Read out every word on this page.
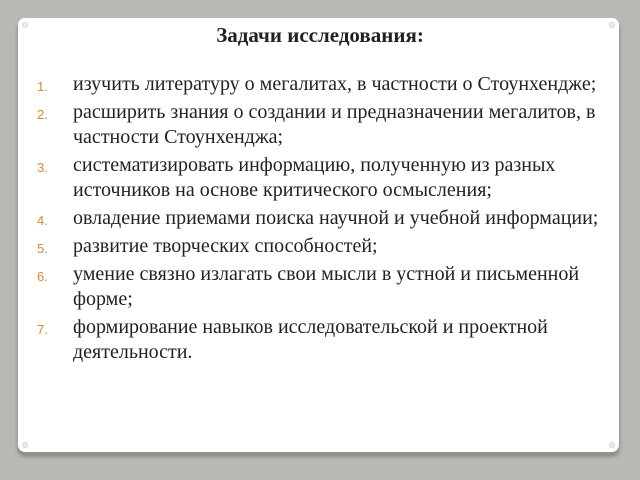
Задачи исследования:
1. изучить литературу о мегалитах, в частности о Стоунхендже;
2. расширить знания о создании и предназначении мегалитов, в частности Стоунхенджа;
3. систематизировать информацию, полученную из разных источников на основе критического осмысления;
4. овладение приемами поиска научной и учебной информации;
5. развитие творческих способностей;
6. умение связно излагать свои мысли в устной и письменной форме;
7. формирование навыков исследовательской и проектной деятельности.
